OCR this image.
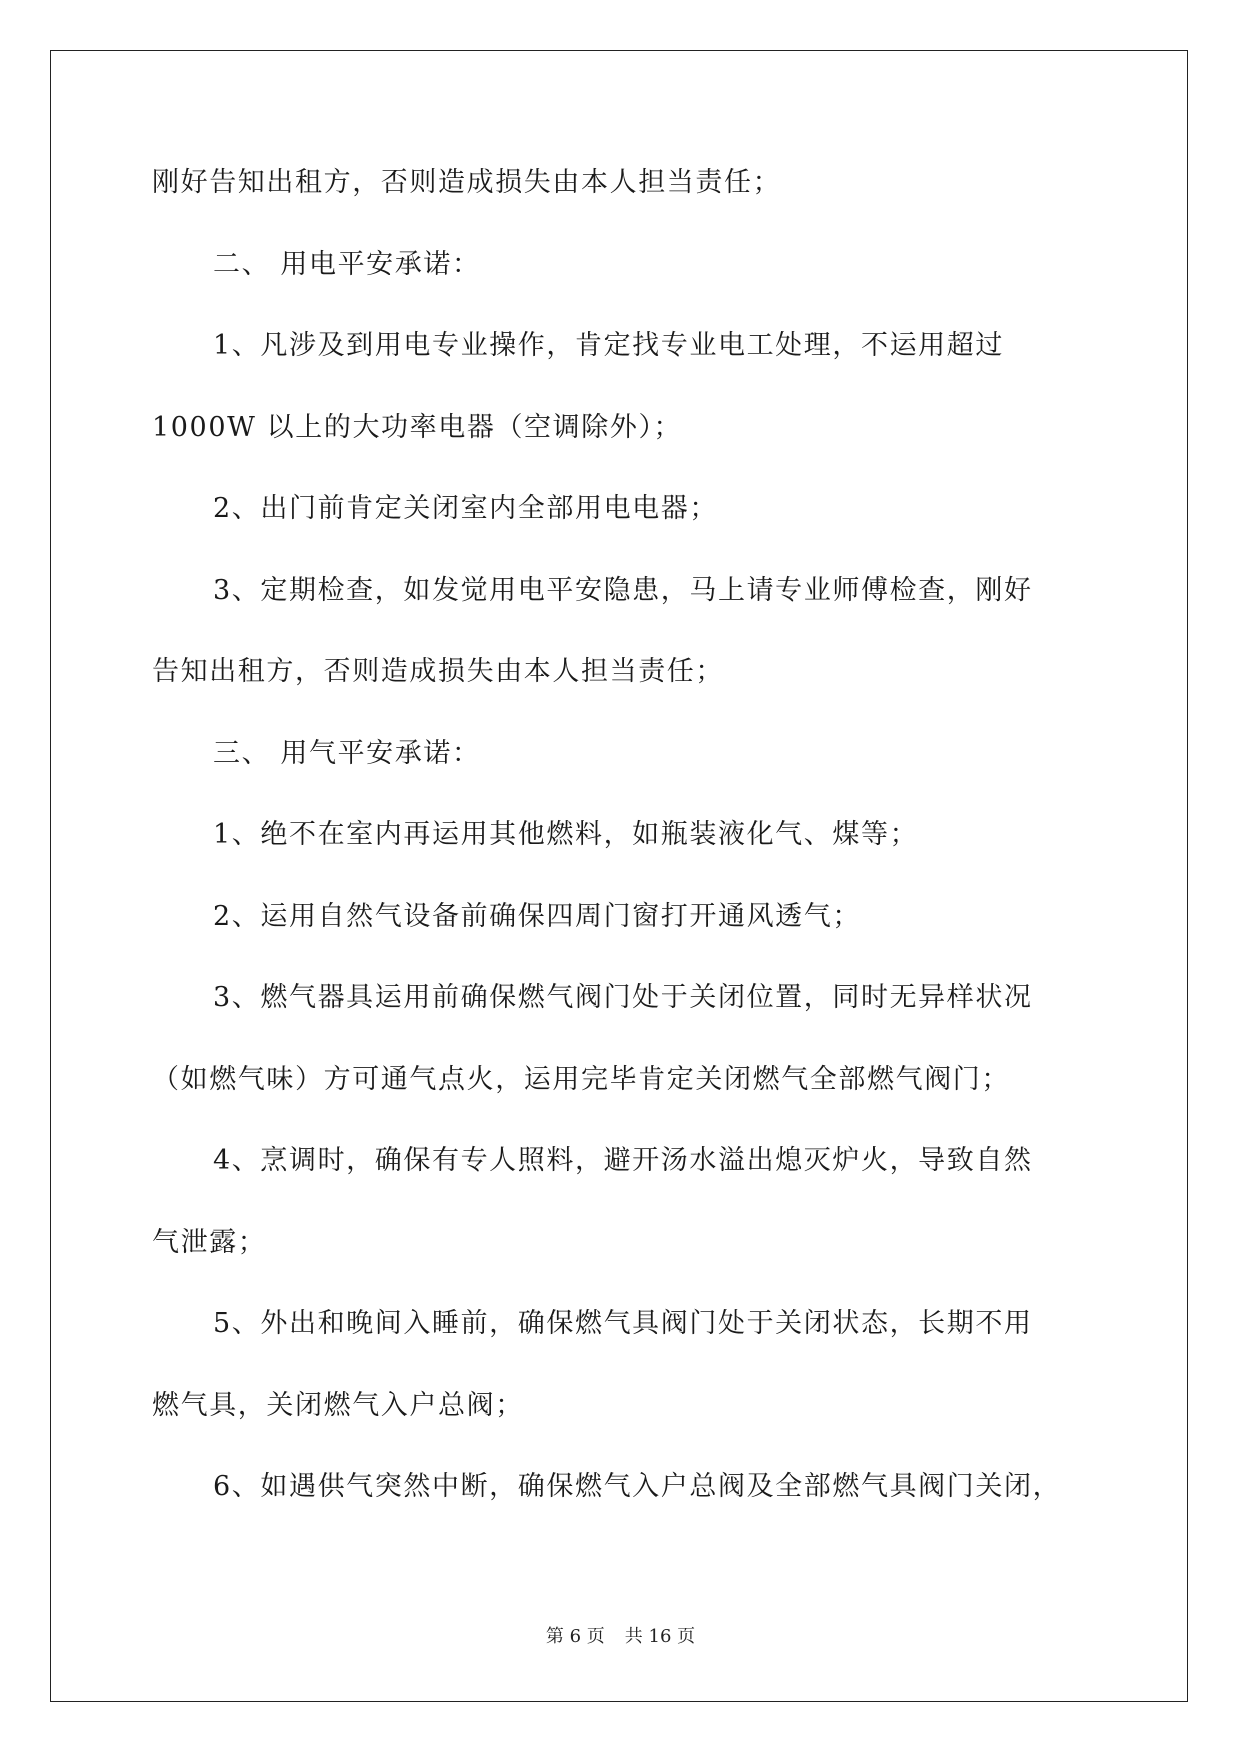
刚好告知出租方，否则造成损失由本人担当责任；

二、 用电平安承诺：

1、凡涉及到用电专业操作，肯定找专业电工处理，不运用超过

1000W 以上的大功率电器（空调除外）；

2、出门前肯定关闭室内全部用电电器；

3、定期检查，如发觉用电平安隐患，马上请专业师傅检查，刚好

告知出租方，否则造成损失由本人担当责任；

三、 用气平安承诺：

1、绝不在室内再运用其他燃料，如瓶装液化气、煤等；

2、运用自然气设备前确保四周门窗打开通风透气；

3、燃气器具运用前确保燃气阀门处于关闭位置，同时无异样状况

（如燃气味）方可通气点火，运用完毕肯定关闭燃气全部燃气阀门；

4、烹调时，确保有专人照料，避开汤水溢出熄灭炉火，导致自然

气泄露；

5、外出和晚间入睡前，确保燃气具阀门处于关闭状态，长期不用

燃气具，关闭燃气入户总阀；

6、如遇供气突然中断，确保燃气入户总阀及全部燃气具阀门关闭，

第 6 页 共 16 页
